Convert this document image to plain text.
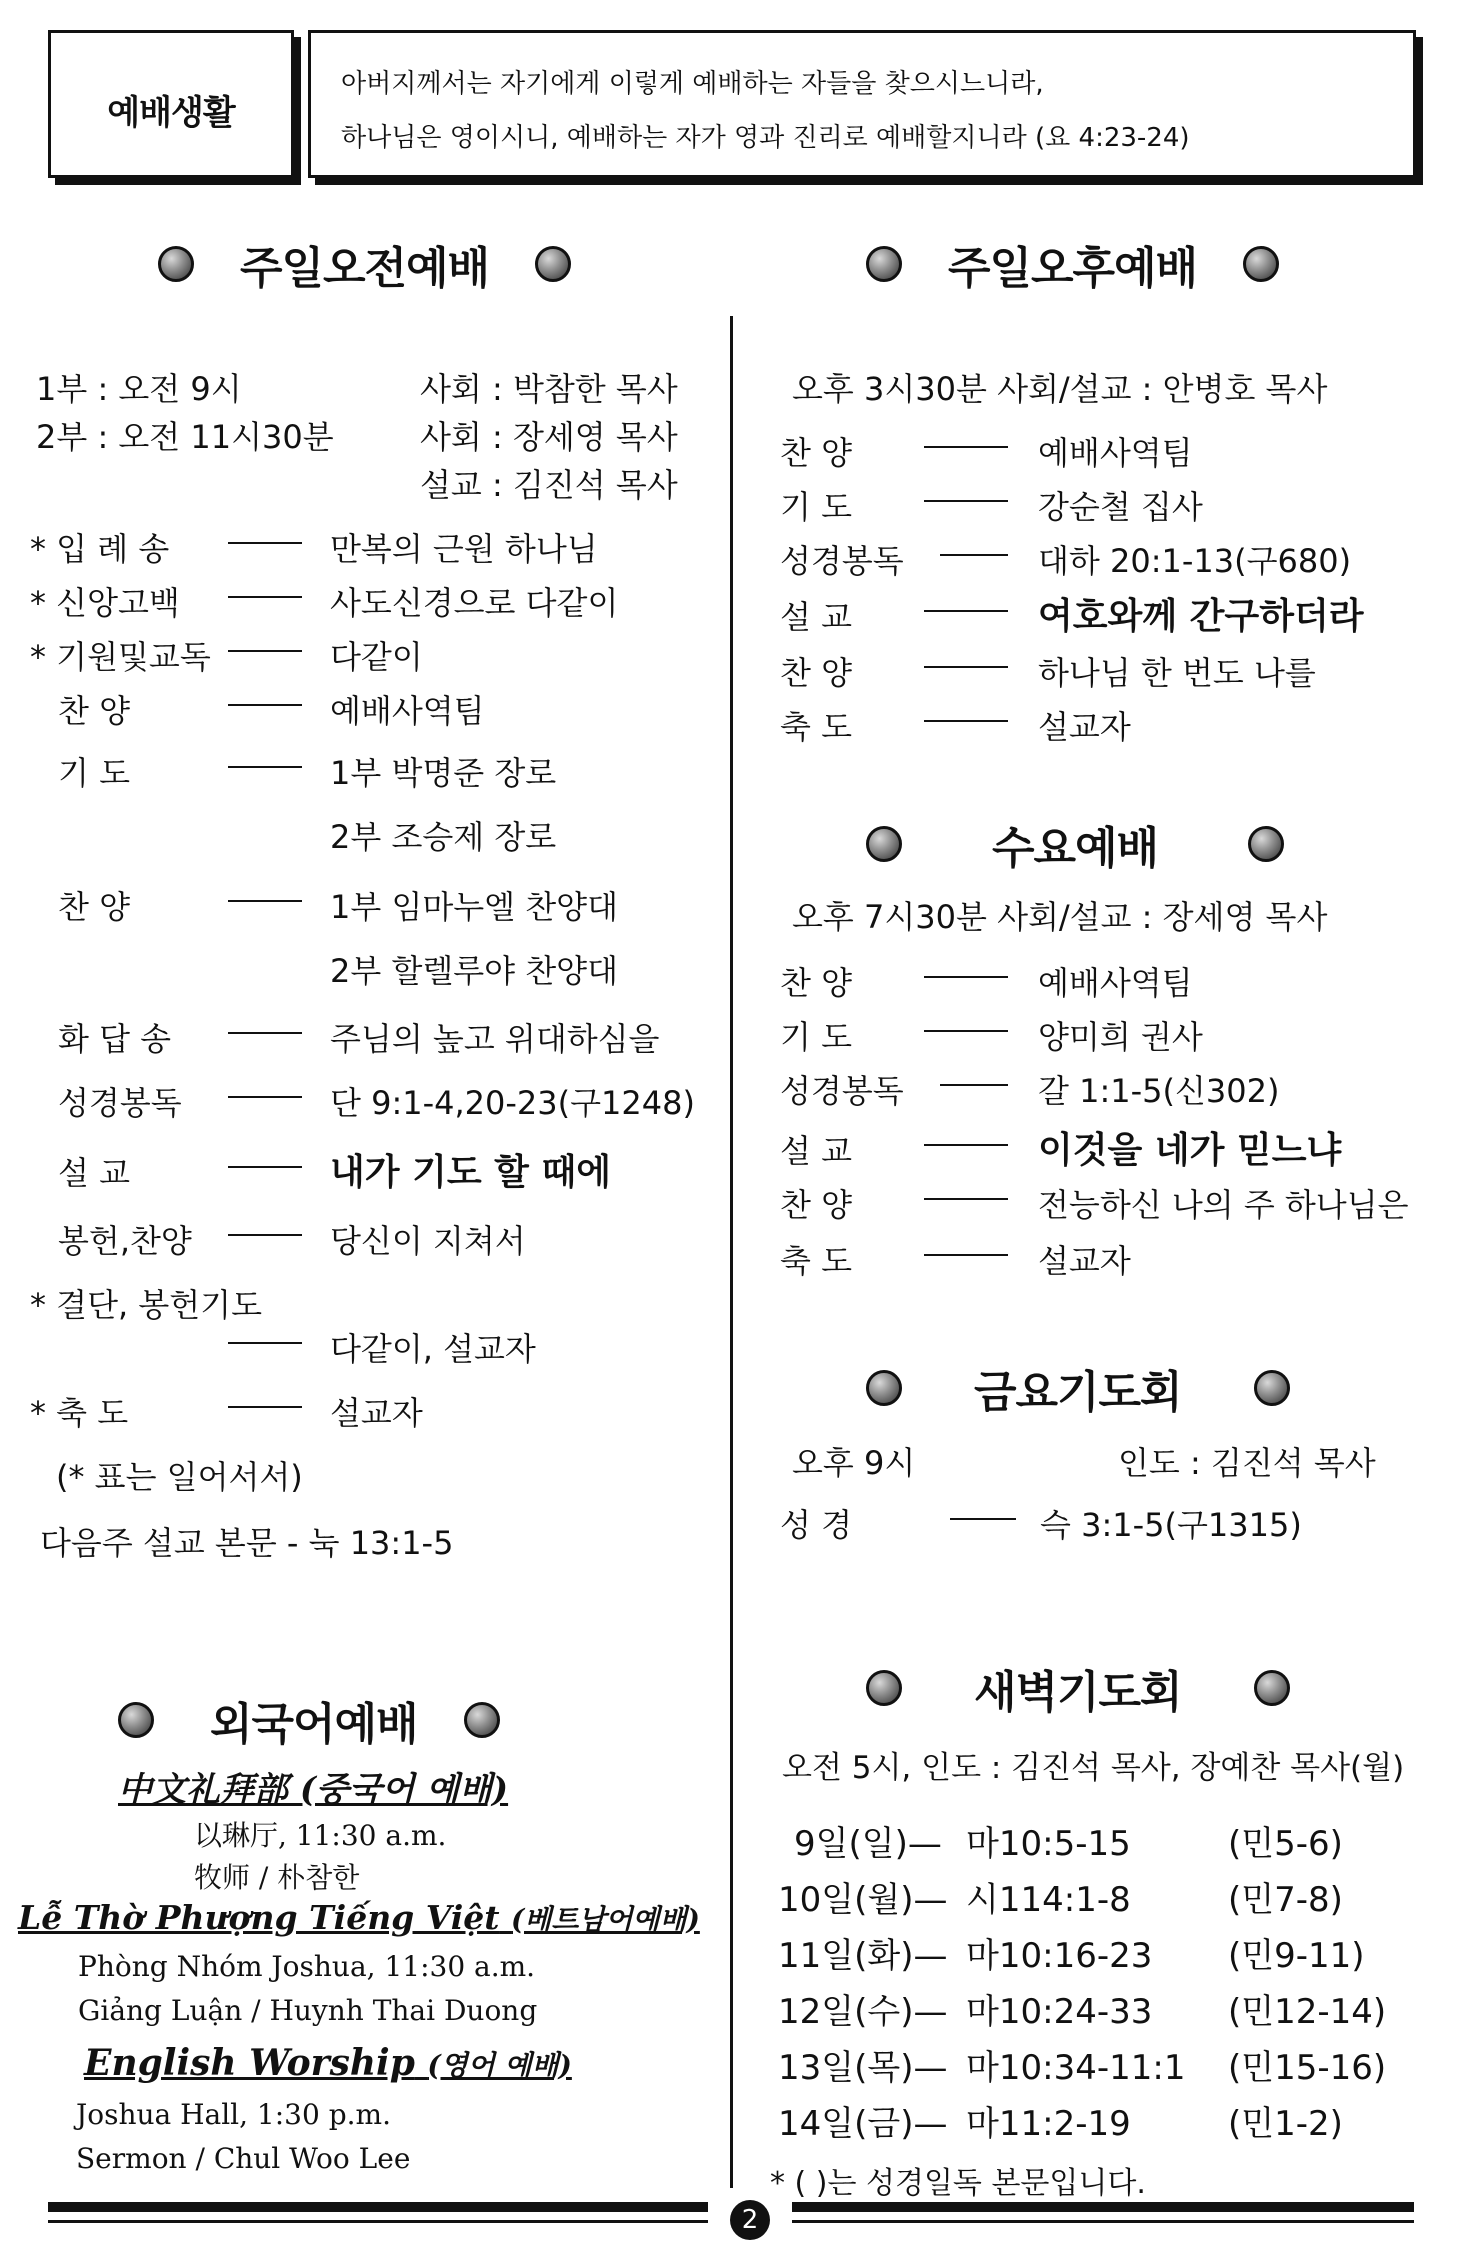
예배생활
아버지께서는 자기에게 이렇게 예배하는 자들을 찾으시느니라,
하나님은 영이시니, 예배하는 자가 영과 진리로 예배할지니라 (요 4:23-24)
주일오전예배	주일오후예배
수요예배
금요기도회
새벽기도회
외국어예배
1부 : 오전 9시	사회 : 박참한 목사
2부 : 오전 11시30분	사회 : 장세영 목사
설교 : 김진석 목사
* 입 례 송	만복의 근원 하나님
* 신앙고백	사도신경으로 다같이
* 기원및교독	다같이
찬 양	예배사역팀
기 도	1부 박명준 장로
2부 조승제 장로
찬 양	1부 임마누엘 찬양대
2부 할렐루야 찬양대
화 답 송	주님의 높고 위대하심을
성경봉독	단 9:1-4,20-23(구1248)
설 교	내가 기도 할 때에
봉헌,찬양	당신이 지쳐서
* 결단, 봉헌기도
다같이, 설교자
* 축 도	설교자
(* 표는 일어서서)
다음주 설교 본문 - 눅 13:1-5
오후 3시30분 사회/설교 : 안병호 목사
찬 양	예배사역팀
기 도	강순철 집사
성경봉독	대하 20:1-13(구680)
설 교	여호와께 간구하더라
찬 양	하나님 한 번도 나를
축 도	설교자
오후 7시30분 사회/설교 : 장세영 목사
찬 양	예배사역팀
기 도	양미희 권사
성경봉독	갈 1:1-5(신302)
설 교	이것을 네가 믿느냐
찬 양	전능하신 나의 주 하나님은
축 도	설교자
오후 9시	인도 : 김진석 목사
성 경	슥 3:1-5(구1315)
오전 5시, 인도 : 김진석 목사, 장예찬 목사(월)
9일(일)— 마10:5-15	(민5-6)
10일(월)— 시114:1-8	(민7-8)
11일(화)— 마10:16-23 (민9-11)
12일(수)— 마10:24-33 (민12-14)
13일(목)— 마10:34-11:1 (민15-16)
14일(금)— 마11:2-19	(민1-2)
* ( )는 성경일독 본문입니다.
中文礼拜部 (중국어 예배)
以琳厅, 11:30 a.m.
牧师 / 朴참한
Lễ Thờ Phượng Tiếng Việt (베트남어예배)
Phòng Nhóm Joshua, 11:30 a.m.
Giảng Luận / Huynh Thai Duong
English Worship (영어 예배)
Joshua Hall, 1:30 p.m.
Sermon / Chul Woo Lee
2
